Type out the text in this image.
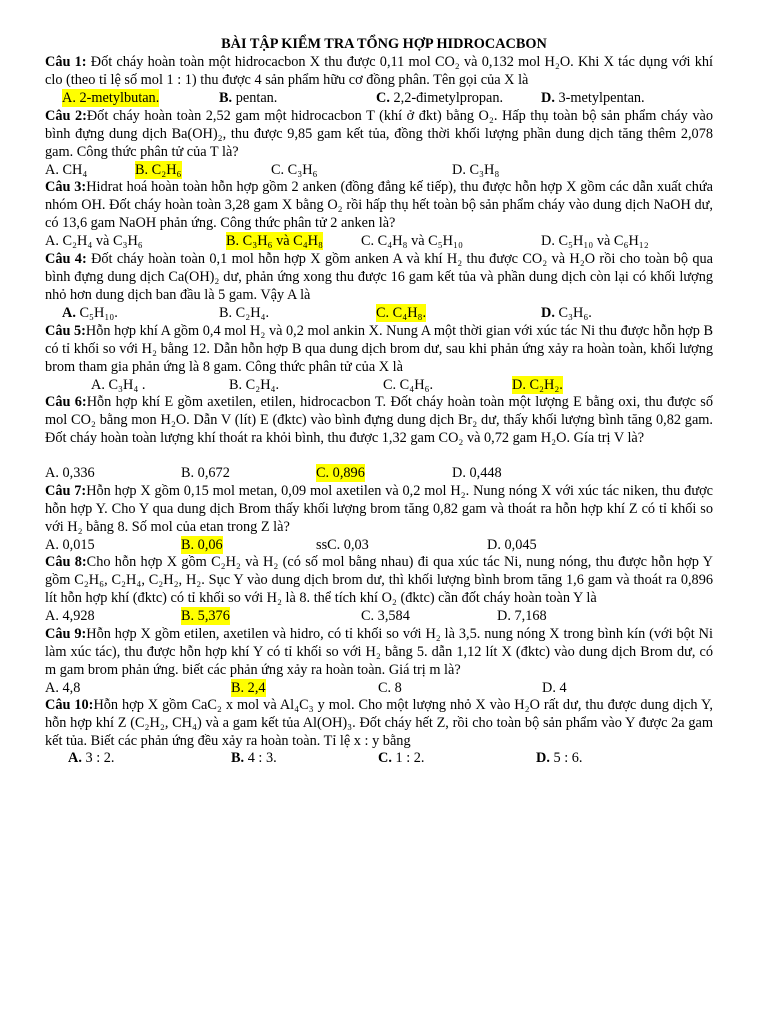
BÀI TẬP KIỂM TRA TỔNG HỢP HIDROCACBON
Câu 1: Đốt cháy hoàn toàn một hidrocacbon X thu được 0,11 mol CO₂ và 0,132 mol H₂O. Khi X tác dụng với khí clo (theo tỉ lệ số mol 1 : 1) thu được 4 sản phẩm hữu cơ đồng phân. Tên gọi của X là
A. 2-metylbutan.	B. pentan.	C. 2,2-đimetylpropan.	D. 3-metylpentan.
Câu 2:Đốt cháy hoàn toàn 2,52 gam một hidrocacbon T (khí ở đkt) bằng O₂. Hấp thụ toàn bộ sản phẩm cháy vào bình đựng dung dịch Ba(OH)₂, thu được 9,85 gam kết tủa, đồng thời khối lượng phần dung dịch tăng thêm 2,078 gam. Công thức phân tử của T là?
A. CH₄	B. C₂H₆	C. C₃H₆	D. C₃H₈
Câu 3:Hidrat hoá hoàn toàn hỗn hợp gồm 2 anken (đồng đẳng kế tiếp), thu được hỗn hợp X gồm các dẫn xuất chứa nhóm OH. Đốt cháy hoàn toàn 3,28 gam X bằng O₂ rồi hấp thụ hết toàn bộ sản phẩm cháy vào dung dịch NaOH dư, có 13,6 gam NaOH phản ứng. Công thức phân tử 2 anken là?
A. C₂H₄ và C₃H₆	B. C₃H₆ và C₄H₈	C. C₄H₈ và C₅H₁₀	D. C₅H₁₀ và C₆H₁₂
Câu 4: Đốt cháy hoàn toàn 0,1 mol hỗn hợp X gồm anken A và khí H₂ thu được CO₂ và H₂O rồi cho toàn bộ qua bình đựng dung dịch Ca(OH)₂ dư, phản ứng xong thu được 16 gam kết tủa và phần dung dịch còn lại có khối lượng nhỏ hơn dung dịch ban đầu là 5 gam. Vậy A là
A. C₅H₁₀.	B. C₂H₄.	C. C₄H₈.	D. C₃H₆.
Câu 5:Hỗn hợp khí A gồm 0,4 mol H₂ và 0,2 mol ankin X. Nung A một thời gian với xúc tác Ni thu được hỗn hợp B có tỉ khối so với H₂ bằng 12. Dẫn hỗn hợp B qua dung dịch brom dư, sau khi phản ứng xảy ra hoàn toàn, khối lượng brom tham gia phản ứng là 8 gam. Công thức phân tử của X là
A. C₃H₄ .	B. C₂H₄.	C. C₄H₆.	D. C₂H₂.
Câu 6:Hỗn hợp khí E gồm axetilen, etilen, hidrocacbon T. Đốt cháy hoàn toàn một lượng E bằng oxi, thu được số mol CO₂ bằng mon H₂O. Dẫn V (lít) E (đktc) vào bình đựng dung dịch Br₂ dư, thấy khối lượng bình tăng 0,82 gam. Đốt cháy hoàn toàn lượng khí thoát ra khỏi bình, thu được 1,32 gam CO₂ và 0,72 gam H₂O. Gía trị V là?
A. 0,336	B. 0,672	C. 0,896	D. 0,448
Câu 7:Hỗn hợp X gồm 0,15 mol metan, 0,09 mol axetilen và 0,2 mol H₂. Nung nóng X với xúc tác niken, thu được hỗn hợp Y. Cho Y qua dung dịch Brom thấy khối lượng brom tăng 0,82 gam và thoát ra hỗn hợp khí Z có tỉ khối so với H₂ bằng 8. Số mol của etan trong Z là?
A. 0,015	B. 0,06	ssC. 0,03	D. 0,045
Câu 8:Cho hỗn hợp X gồm C₂H₂ và H₂ (có số mol bằng nhau) đi qua xúc tác Ni, nung nóng, thu được hỗn hợp Y gồm C₂H₆, C₂H₄, C₂H₂, H₂. Sục Y vào dung dịch brom dư, thì khối lượng bình brom tăng 1,6 gam và thoát ra 0,896 lít hỗn hợp khí (đktc) có tỉ khối so với H₂ là 8. thể tích khí O₂ (đktc) cần đốt cháy hoàn toàn Y là
A. 4,928	B. 5,376	C. 3,584	D. 7,168
Câu 9:Hỗn hợp X gồm etilen, axetilen và hidro, có tỉ khối so với H₂ là 3,5. nung nóng X trong bình kín (với bột Ni làm xúc tác), thu được hỗn hợp khí Y có tỉ khối so với H₂ bằng 5. dẫn 1,12 lít X (đktc) vào dung dịch Brom dư, có m gam brom phản ứng. biết các phản ứng xảy ra hoàn toàn. Giá trị m là?
A. 4,8	B. 2,4	C. 8	D. 4
Câu 10:Hỗn hợp X gồm CaC₂ x mol và Al₄C₃ y mol. Cho một lượng nhỏ X vào H₂O rất dư, thu được dung dịch Y, hỗn hợp khí Z (C₂H₂, CH₄) và a gam kết tủa Al(OH)₃. Đốt cháy hết Z, rồi cho toàn bộ sản phẩm vào Y được 2a gam kết tủa. Biết các phản ứng đều xảy ra hoàn toàn. Tỉ lệ x : y bằng
A. 3 : 2.	B. 4 : 3.	C. 1 : 2.	D. 5 : 6.
